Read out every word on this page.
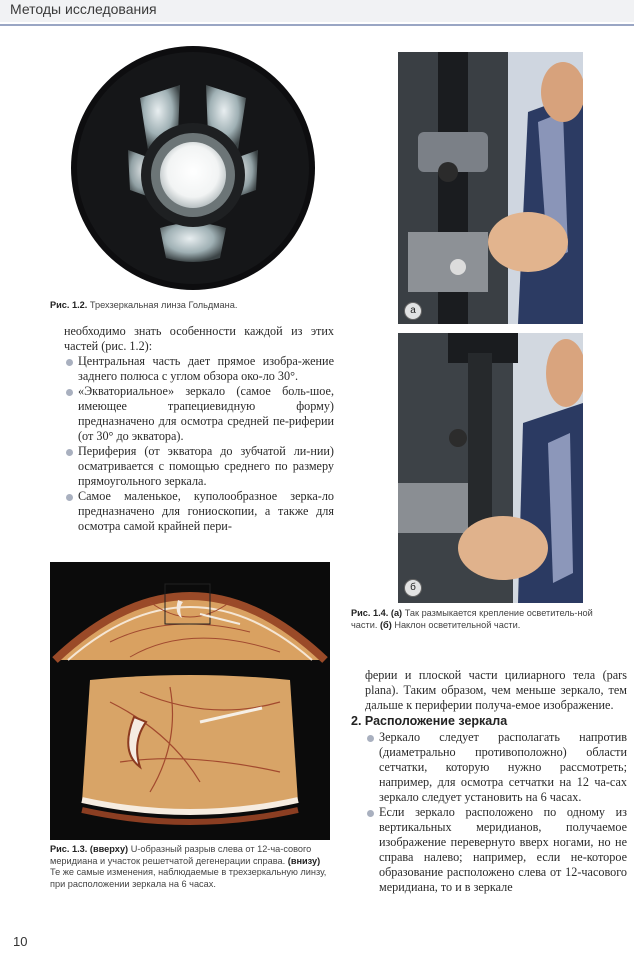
Методы исследования
Рис. 1.2. Трехзеркальная линза Гольдмана.

необходимо знать особенности каждой из этих частей (рис. 1.2):

Центральная часть дает прямое изобра-жение заднего полюса с углом обзора око-ло 30°.
«Экваториальное» зеркало (самое боль-шое, имеющее трапециевидную форму) предназначено для осмотра средней пе-риферии (от 30° до экватора).
Периферия (от экватора до зубчатой ли-нии) осматривается с помощью среднего по размеру прямоугольного зеркала.
Самое маленькое, куполообразное зерка-ло предназначено для гониоскопии, а также для осмотра самой крайней пери-
а
б
Рис. 1.4. (а) Так размыкается крепление осветитель-ной части. (б) Наклон осветительной части.
Рис. 1.3. (вверху) U-образный разрыв слева от 12-ча-сового меридиана и участок решетчатой дегенерации справа. (внизу) Те же самые изменения, наблюдаемые в трехзеркальную линзу, при расположении зеркала на 6 часах.

ферии и плоской части цилиарного тела (pars plana). Таким образом, чем меньше зеркало, тем дальше к периферии получа-емое изображение.

2. Расположение зеркала
Зеркало следует располагать напротив (диаметрально противоположно) области сетчатки, которую нужно рассмотреть; например, для осмотра сетчатки на 12 ча-сах зеркало следует установить на 6 часах.
Если зеркало расположено по одному из вертикальных меридианов, получаемое изображение перевернуто вверх ногами, но не справа налево; например, если не-которое образование расположено слева от 12-часового меридиана, то и в зеркале
10
